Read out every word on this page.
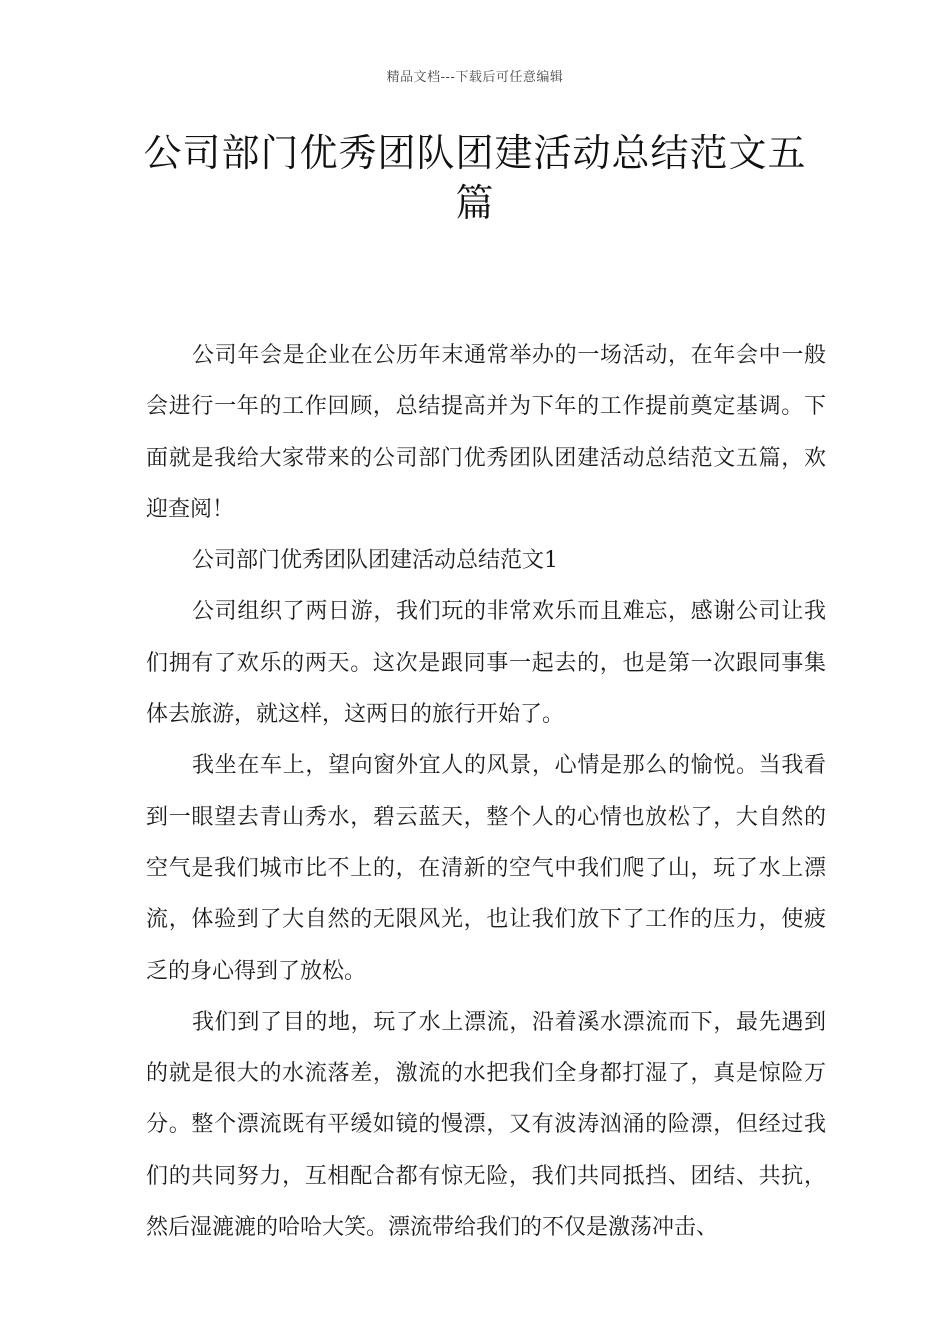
精品文档---下载后可任意编辑
公司部门优秀团队团建活动总结范文五篇

公司年会是企业在公历年末通常举办的一场活动，在年会中一般会进行一年的工作回顾，总结提高并为下年的工作提前奠定基调。下面就是我给大家带来的公司部门优秀团队团建活动总结范文五篇，欢迎查阅！

公司部门优秀团队团建活动总结范文1

公司组织了两日游，我们玩的非常欢乐而且难忘，感谢公司让我们拥有了欢乐的两天。这次是跟同事一起去的，也是第一次跟同事集体去旅游，就这样，这两日的旅行开始了。

我坐在车上，望向窗外宜人的风景，心情是那么的愉悦。当我看到一眼望去青山秀水，碧云蓝天，整个人的心情也放松了，大自然的空气是我们城市比不上的，在清新的空气中我们爬了山，玩了水上漂流，体验到了大自然的无限风光，也让我们放下了工作的压力，使疲乏的身心得到了放松。

我们到了目的地，玩了水上漂流，沿着溪水漂流而下，最先遇到的就是很大的水流落差，激流的水把我们全身都打湿了，真是惊险万分。整个漂流既有平缓如镜的慢漂，又有波涛汹涌的险漂，但经过我们的共同努力，互相配合都有惊无险，我们共同抵挡、团结、共抗，然后湿漉漉的哈哈大笑。漂流带给我们的不仅是激荡冲击、
